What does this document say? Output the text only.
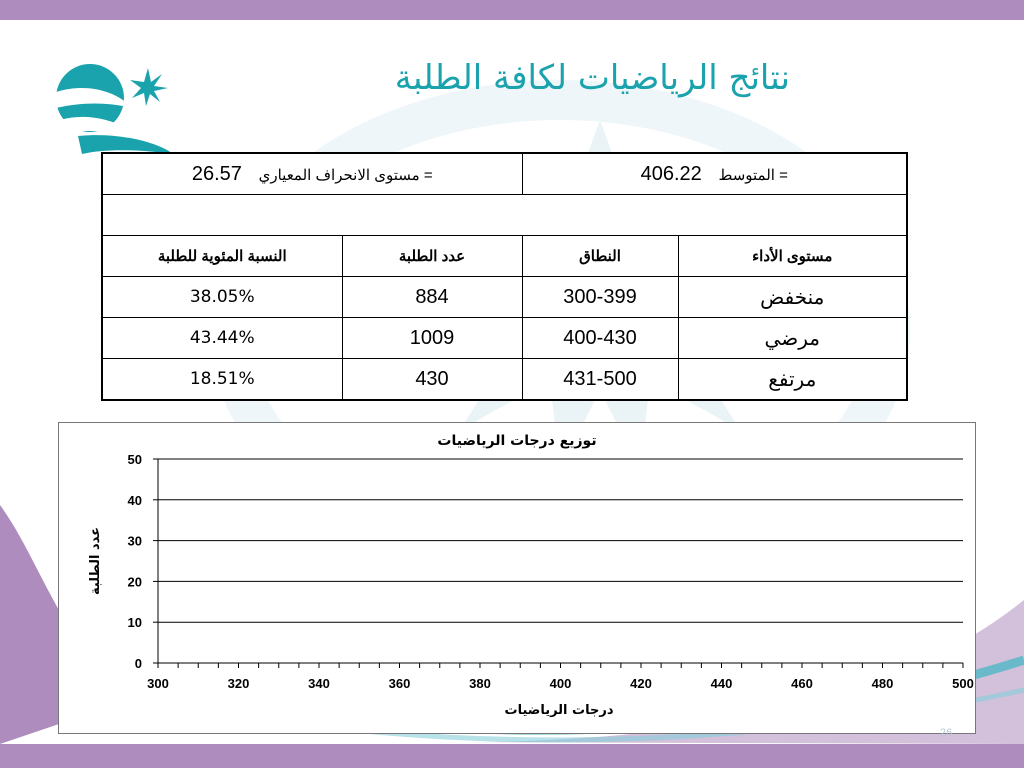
نتائج الرياضيات لكافة الطلبة
26.57 مستوى الانحراف المعياري =		406.22 المتوسط =	

النسبة المئوية للطلبة	عدد الطلبة	النطاق	مستوى الأداء
38.05%	884	300-399	منخفض
43.44%	1009	400-430	مرضي
18.51%	430	431-500	مرتفع
0
10
20
30
40
50
300	320	340	360	380	400	420	440	460	480	500
توزيع درجات الرياضيات
درجات الرياضيات
عدد الطلبة
26
